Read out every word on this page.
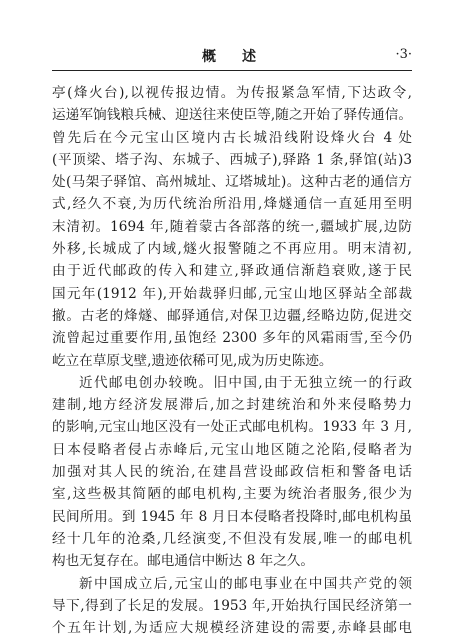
概　述	·3·
亭(烽火台),以视传报边情。为传报紧急军情,下达政令,
运递军饷钱粮兵械、迎送往来使臣等,随之开始了驿传通信。
曾先后在今元宝山区境内古长城沿线附设烽火台 4 处
(平顶梁、塔子沟、东城子、西城子),驿路 1 条,驿馆(站)3
处(马架子驿馆、高州城址、辽塔城址)。这种古老的通信方
式,经久不衰,为历代统治所沿用,烽燧通信一直延用至明
末清初。1694 年,随着蒙古各部落的统一,疆域扩展,边防
外移,长城成了内域,燧火报警随之不再应用。明末清初,
由于近代邮政的传入和建立,驿政通信渐趋衰败,遂于民
国元年(1912 年),开始裁驿归邮,元宝山地区驿站全部裁
撤。古老的烽燧、邮驿通信,对保卫边疆,经略边防,促进交
流曾起过重要作用,虽饱经 2300 多年的风霜雨雪,至今仍
屹立在草原戈壁,遗迹依稀可见,成为历史陈迹。
近代邮电创办较晚。旧中国,由于无独立统一的行政
建制,地方经济发展滞后,加之封建统治和外来侵略势力
的影响,元宝山地区没有一处正式邮电机构。1933 年 3 月,
日本侵略者侵占赤峰后,元宝山地区随之沦陷,侵略者为
加强对其人民的统治,在建昌营设邮政信柜和警备电话
室,这些极其简陋的邮电机构,主要为统治者服务,很少为
民间所用。到 1945 年 8 月日本侵略者投降时,邮电机构虽
经十几年的沧桑,几经演变,不但没有发展,唯一的邮电机
构也无复存在。邮电通信中断达 8 年之久。
新中国成立后,元宝山的邮电事业在中国共产党的领
导下,得到了长足的发展。1953 年,开始执行国民经济第一
个五年计划,为适应大规模经济建设的需要,赤峰县邮电
